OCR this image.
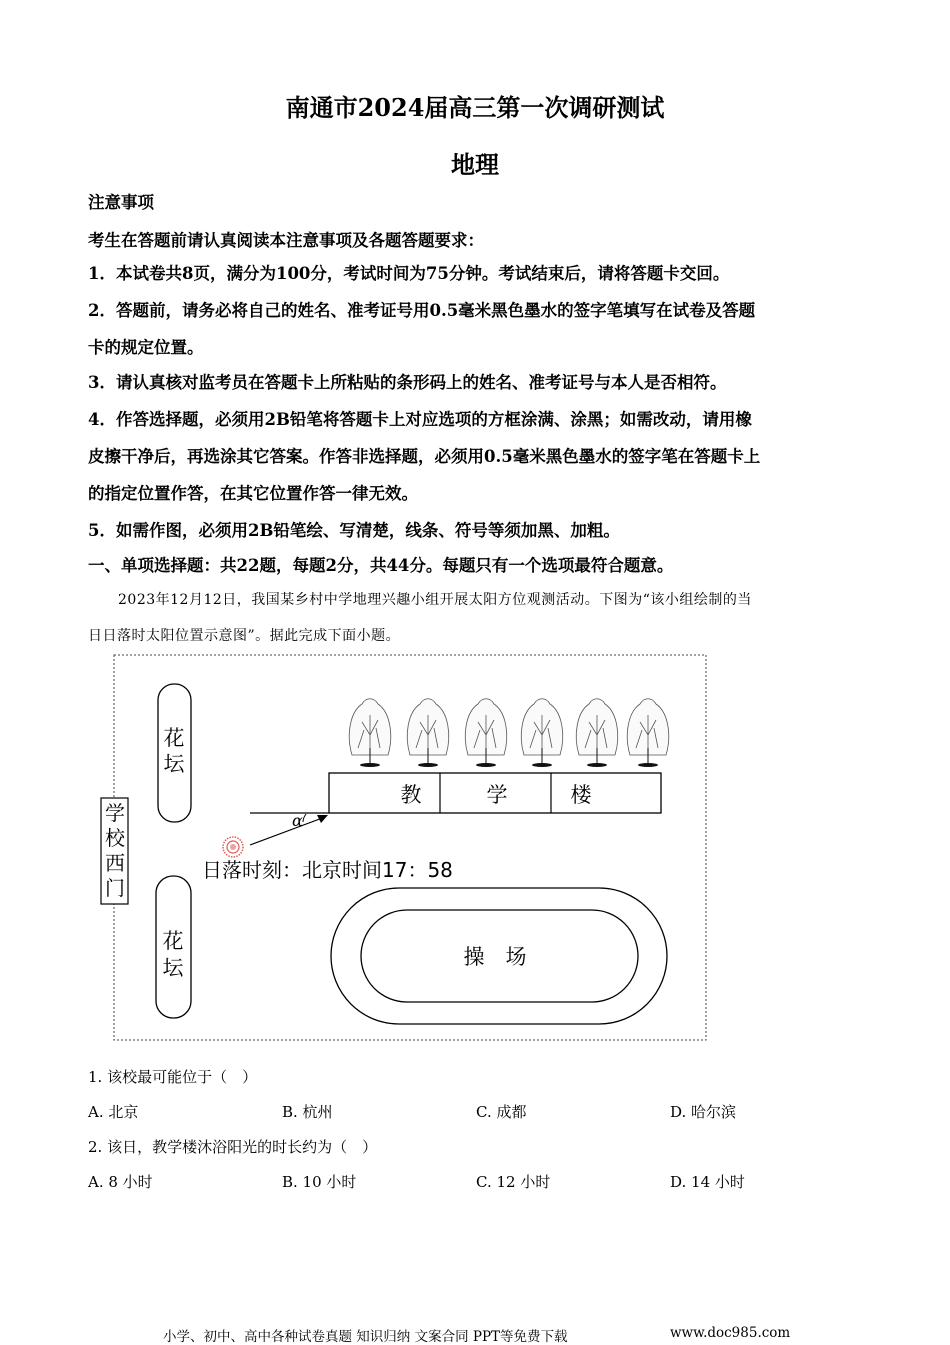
南通市2024届高三第一次调研测试
地理
注意事项
考生在答题前请认真阅读本注意事项及各题答题要求：
1．本试卷共8页，满分为100分，考试时间为75分钟。考试结束后，请将答题卡交回。
2．答题前，请务必将自己的姓名、准考证号用0.5毫米黑色墨水的签字笔填写在试卷及答题
卡的规定位置。
3．请认真核对监考员在答题卡上所粘贴的条形码上的姓名、准考证号与本人是否相符。
4．作答选择题，必须用2B铅笔将答题卡上对应选项的方框涂满、涂黑；如需改动，请用橡
皮擦干净后，再选涂其它答案。作答非选择题，必须用0.5毫米黑色墨水的签字笔在答题卡上
的指定位置作答，在其它位置作答一律无效。
5．如需作图，必须用2B铅笔绘、写清楚，线条、符号等须加黑、加粗。
一、单项选择题：共22题，每题2分，共44分。每题只有一个选项最符合题意。
2023年12月12日，我国某乡村中学地理兴趣小组开展太阳方位观测活动。下图为“该小组绘制的当
日日落时太阳位置示意图”。据此完成下面小题。
花
坛
花
坛
学
校
西
门
教	学	楼
α
日落时刻：北京时间17：58
操　场
1. 该校最可能位于（　）
A. 北京	B. 杭州	C. 成都	D. 哈尔滨
2. 该日，教学楼沐浴阳光的时长约为（　）
A. 8 小时	B. 10 小时	C. 12 小时	D. 14 小时
小学、初中、高中各种试卷真题 知识归纳 文案合同 PPT等免费下载	www.doc985.com
